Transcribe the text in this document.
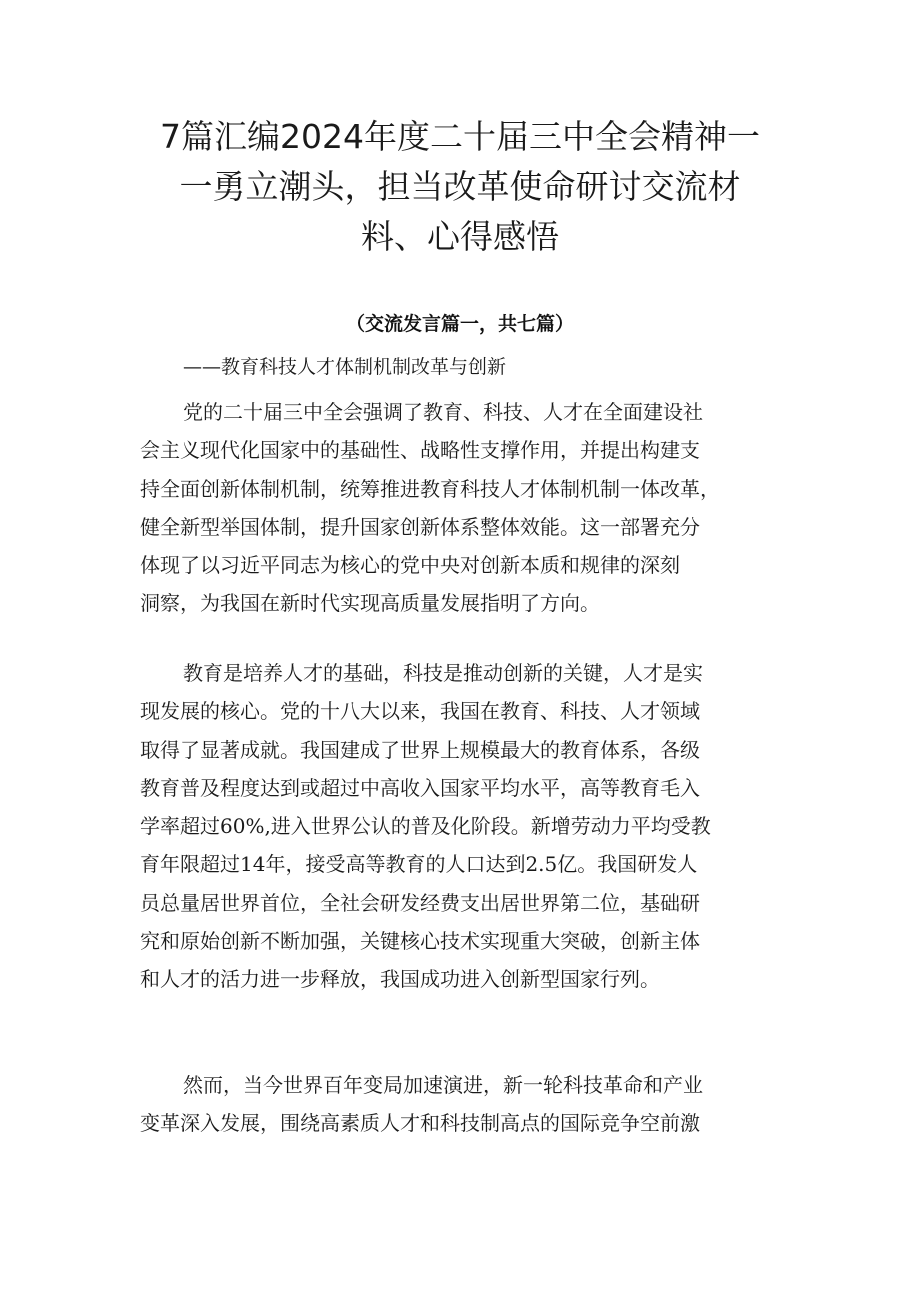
7篇汇编2024年度二十届三中全会精神一
一勇立潮头，担当改革使命研讨交流材
料、心得感悟
（交流发言篇一，共七篇）
——教育科技人才体制机制改革与创新
党的二十届三中全会强调了教育、科技、人才在全面建设社
会主义现代化国家中的基础性、战略性支撑作用，并提出构建支
持全面创新体制机制，统筹推进教育科技人才体制机制一体改革，
健全新型举国体制，提升国家创新体系整体效能。这一部署充分
体现了以习近平同志为核心的党中央对创新本质和规律的深刻
洞察，为我国在新时代实现高质量发展指明了方向。
教育是培养人才的基础，科技是推动创新的关键，人才是实
现发展的核心。党的十八大以来，我国在教育、科技、人才领域
取得了显著成就。我国建成了世界上规模最大的教育体系，各级
教育普及程度达到或超过中高收入国家平均水平，高等教育毛入
学率超过60%,进入世界公认的普及化阶段。新增劳动力平均受教
育年限超过14年，接受高等教育的人口达到2.5亿。我国研发人
员总量居世界首位，全社会研发经费支出居世界第二位，基础研
究和原始创新不断加强，关键核心技术实现重大突破，创新主体
和人才的活力进一步释放，我国成功进入创新型国家行列。
然而，当今世界百年变局加速演进，新一轮科技革命和产业
变革深入发展，围绕高素质人才和科技制高点的国际竞争空前激
